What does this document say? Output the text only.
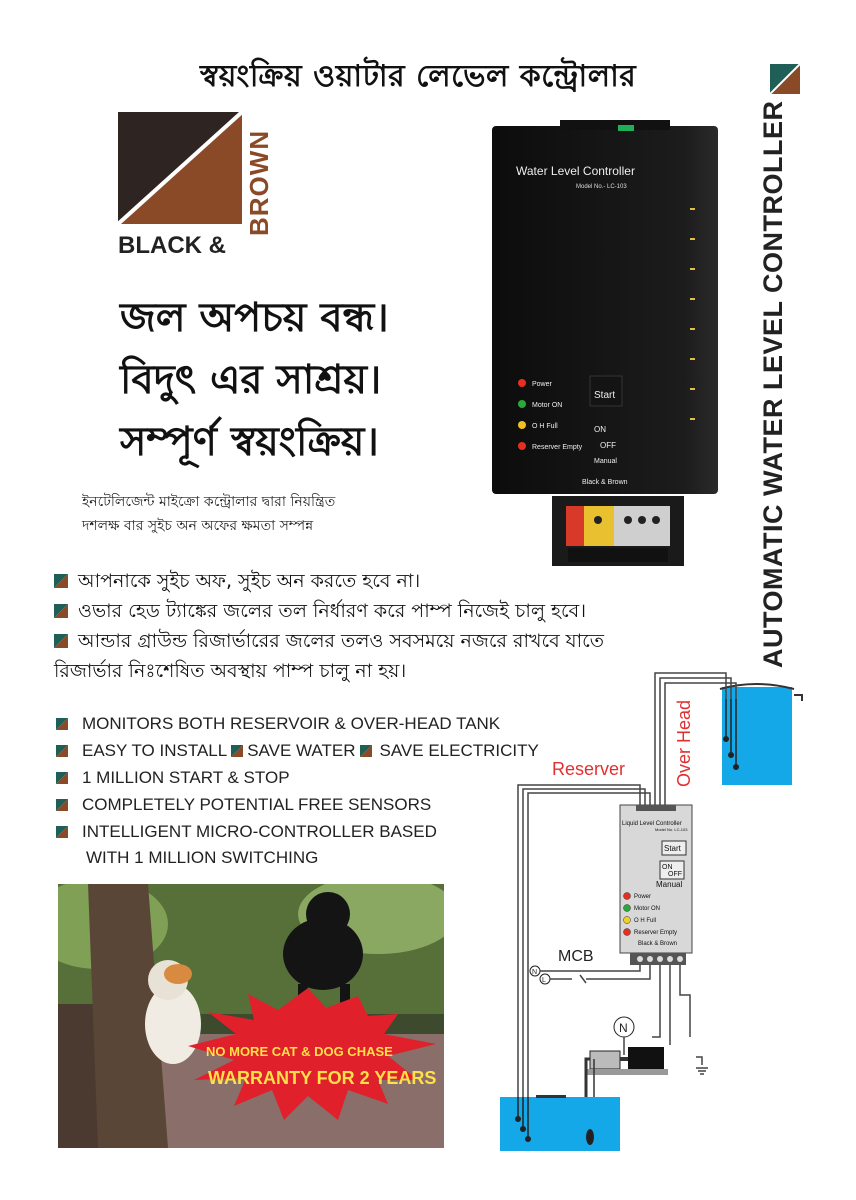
স্বয়ংক্রিয় ওয়াটার লেভেল কন্ট্রোলার
AUTOMATIC WATER LEVEL CONTROLLER
BROWN
BLACK &
জল অপচয় বন্ধ।
বিদুৎ এর সাশ্রয়।
সম্পূর্ণ স্বয়ংক্রিয়।
ইনটেলিজেন্ট মাইক্রো কন্ট্রোলার দ্বারা নিয়ন্ত্রিত
দশলক্ষ বার সুইচ অন অফের ক্ষমতা সম্পন্ন
আপনাকে সুইচ অফ, সুইচ অন করতে হবে না।
ওভার হেড ট্যাঙ্কের জলের তল নির্ধারণ করে পাম্প নিজেই চালু হবে।
আন্ডার গ্রাউন্ড রিজার্ভারের জলের তলও সবসময়ে নজরে রাখবে যাতে
রিজার্ভার নিঃশেষিত অবস্থায় পাম্প চালু না হয়।
MONITORS BOTH RESERVOIR & OVER-HEAD TANK
EASY TO INSTALL SAVE WATER SAVE ELECTRICITY
1 MILLION START & STOP
COMPLETELY POTENTIAL FREE SENSORS
INTELLIGENT MICRO-CONTROLLER BASED
WITH 1 MILLION SWITCHING
Water Level Controller
Model No.- LC-103
Power
Motor ON
O H Full
Reserver Empty
Start
ON
OFF
Manual
Black & Brown
NO MORE CAT & DOG CHASE
WARRANTY FOR 2 YEARS
Over Head
Reserver
Liquid Level Controller
Model No. LC-103
Start
ON
OFF
Manual
Power
Motor ON
O H Full
Reserver Empty
Black & Brown
MCB
N
L
N
